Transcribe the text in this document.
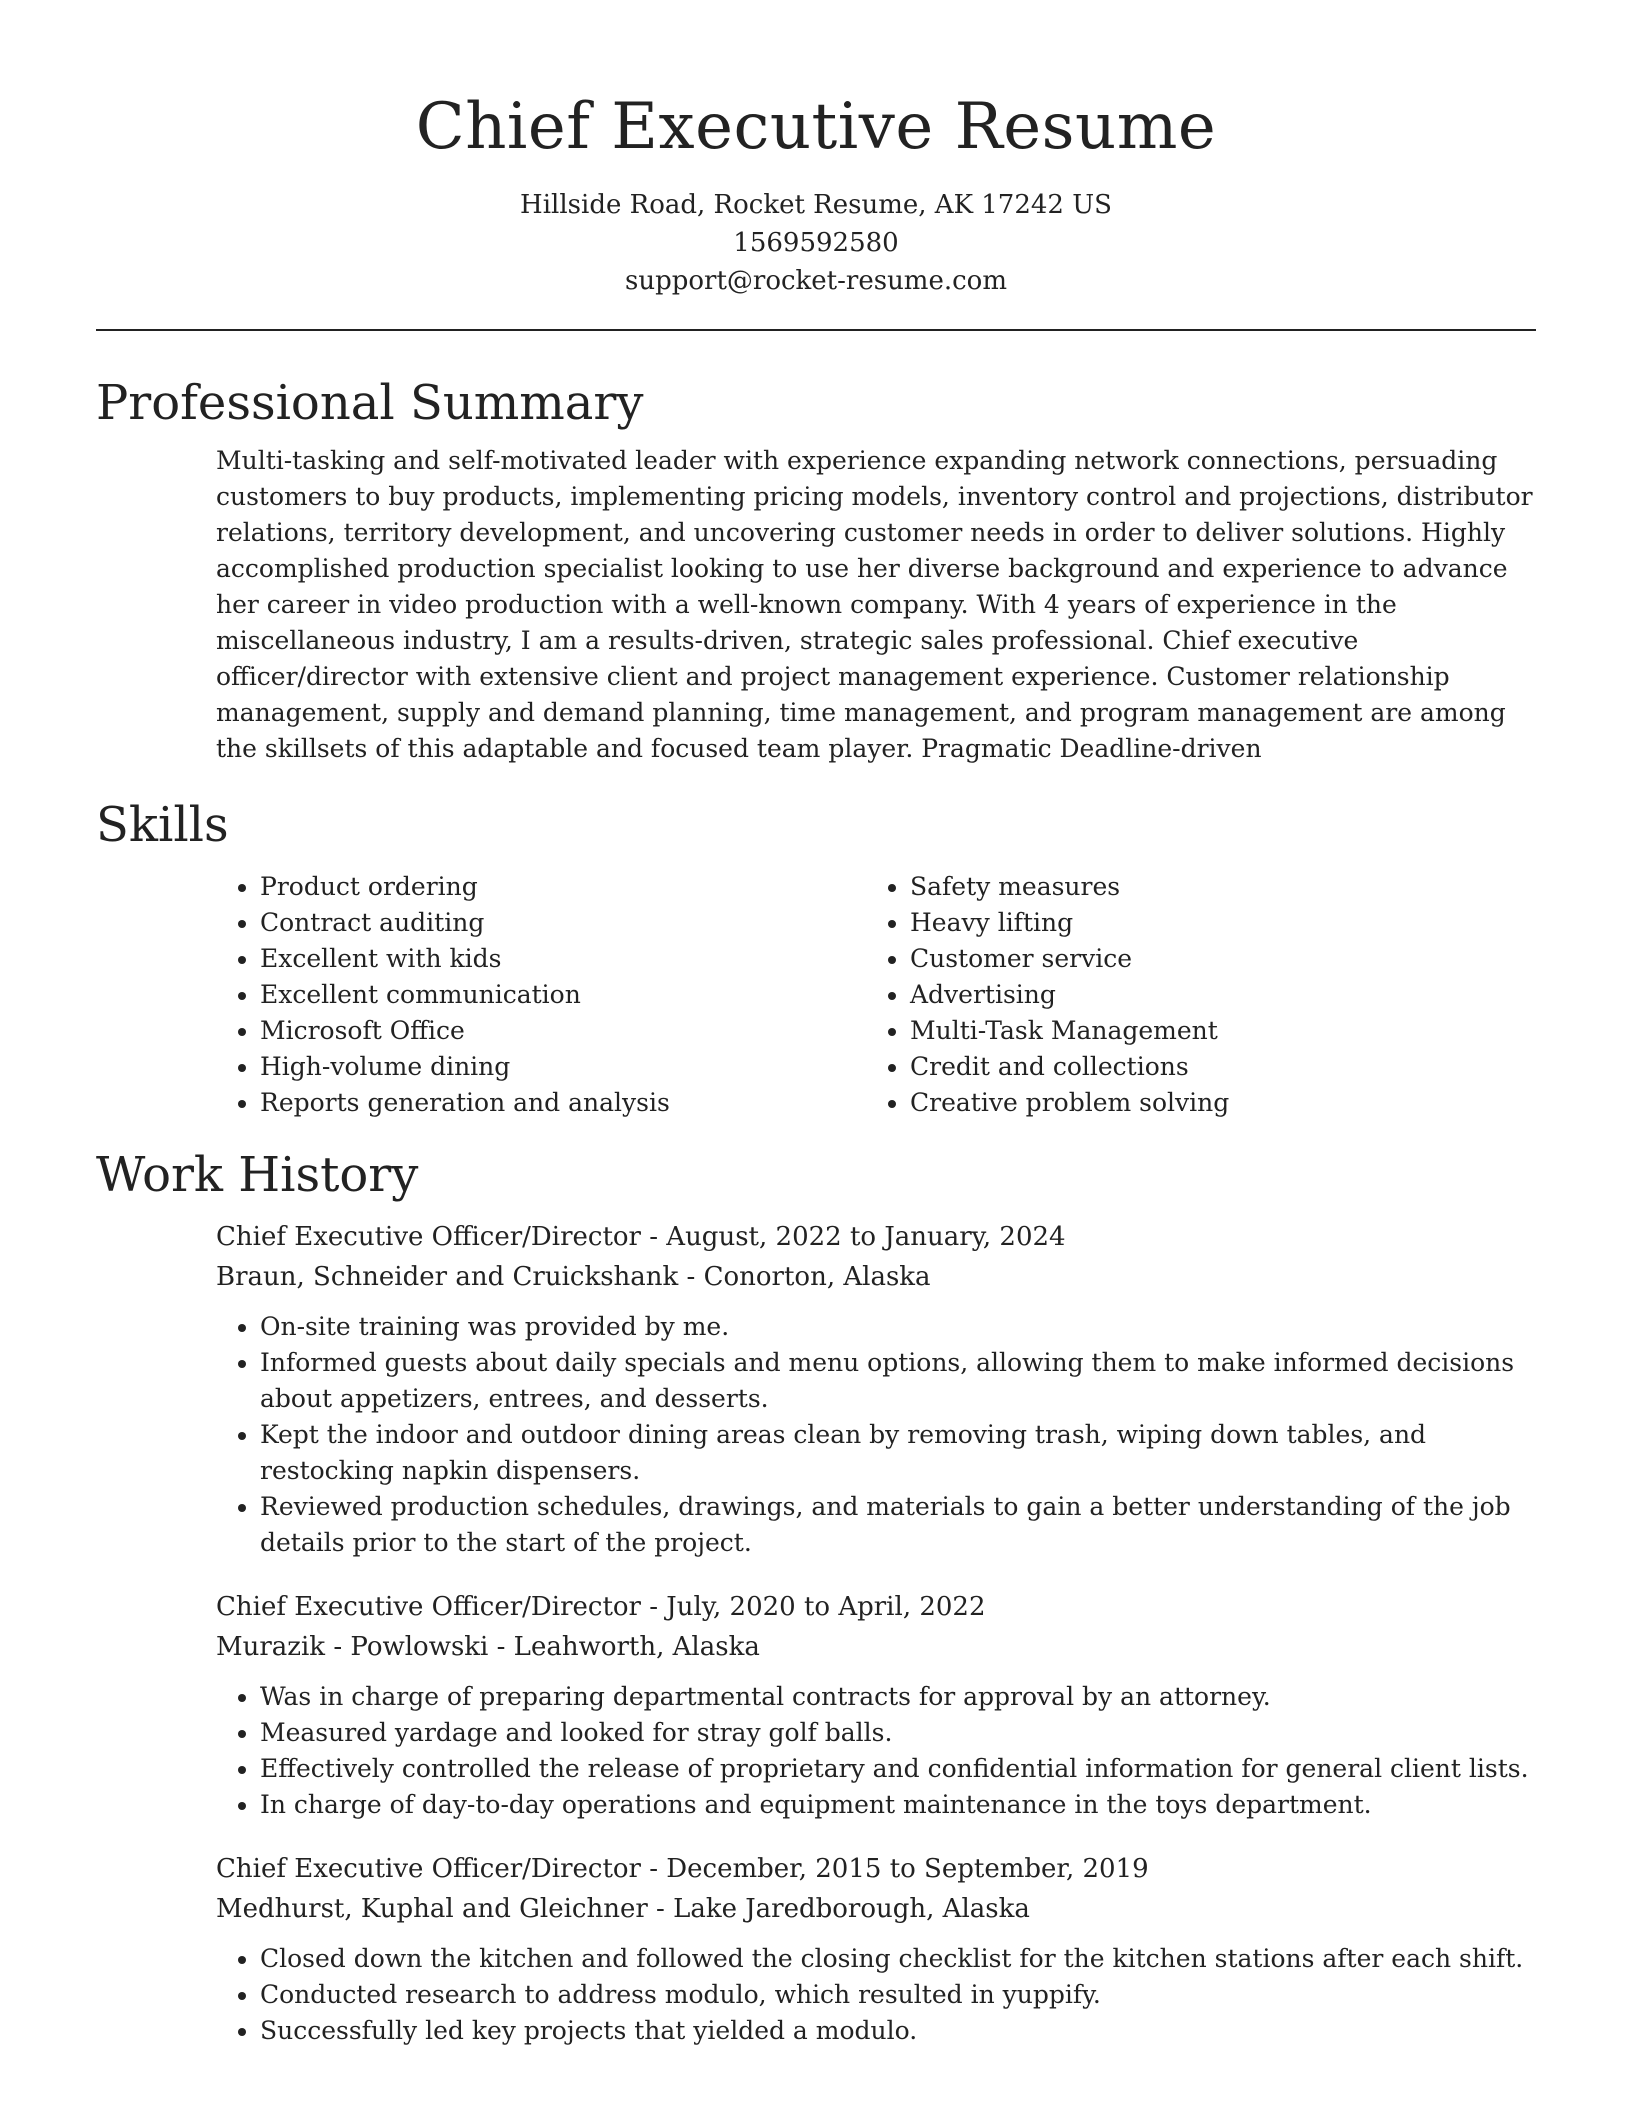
Chief Executive Resume
Hillside Road, Rocket Resume, AK 17242 US
1569592580
support@rocket-resume.com
Professional Summary
Multi-tasking and self-motivated leader with experience expanding network connections, persuading customers to buy products, implementing pricing models, inventory control and projections, distributor relations, territory development, and uncovering customer needs in order to deliver solutions. Highly accomplished production specialist looking to use her diverse background and experience to advance her career in video production with a well-known company. With 4 years of experience in the miscellaneous industry, I am a results-driven, strategic sales professional. Chief executive officer/director with extensive client and project management experience. Customer relationship management, supply and demand planning, time management, and program management are among the skillsets of this adaptable and focused team player. Pragmatic Deadline-driven
Skills
• Product ordering
• Contract auditing
• Excellent with kids
• Excellent communication
• Microsoft Office
• High-volume dining
• Reports generation and analysis
• Safety measures
• Heavy lifting
• Customer service
• Advertising
• Multi-Task Management
• Credit and collections
• Creative problem solving
Work History
Chief Executive Officer/Director - August, 2022 to January, 2024
Braun, Schneider and Cruickshank - Conorton, Alaska
• On-site training was provided by me.
• Informed guests about daily specials and menu options, allowing them to make informed decisions about appetizers, entrees, and desserts.
• Kept the indoor and outdoor dining areas clean by removing trash, wiping down tables, and restocking napkin dispensers.
• Reviewed production schedules, drawings, and materials to gain a better understanding of the job details prior to the start of the project.
Chief Executive Officer/Director - July, 2020 to April, 2022
Murazik - Powlowski - Leahworth, Alaska
• Was in charge of preparing departmental contracts for approval by an attorney.
• Measured yardage and looked for stray golf balls.
• Effectively controlled the release of proprietary and confidential information for general client lists.
• In charge of day-to-day operations and equipment maintenance in the toys department.
Chief Executive Officer/Director - December, 2015 to September, 2019
Medhurst, Kuphal and Gleichner - Lake Jaredborough, Alaska
• Closed down the kitchen and followed the closing checklist for the kitchen stations after each shift.
• Conducted research to address modulo, which resulted in yuppify.
• Successfully led key projects that yielded a modulo.
